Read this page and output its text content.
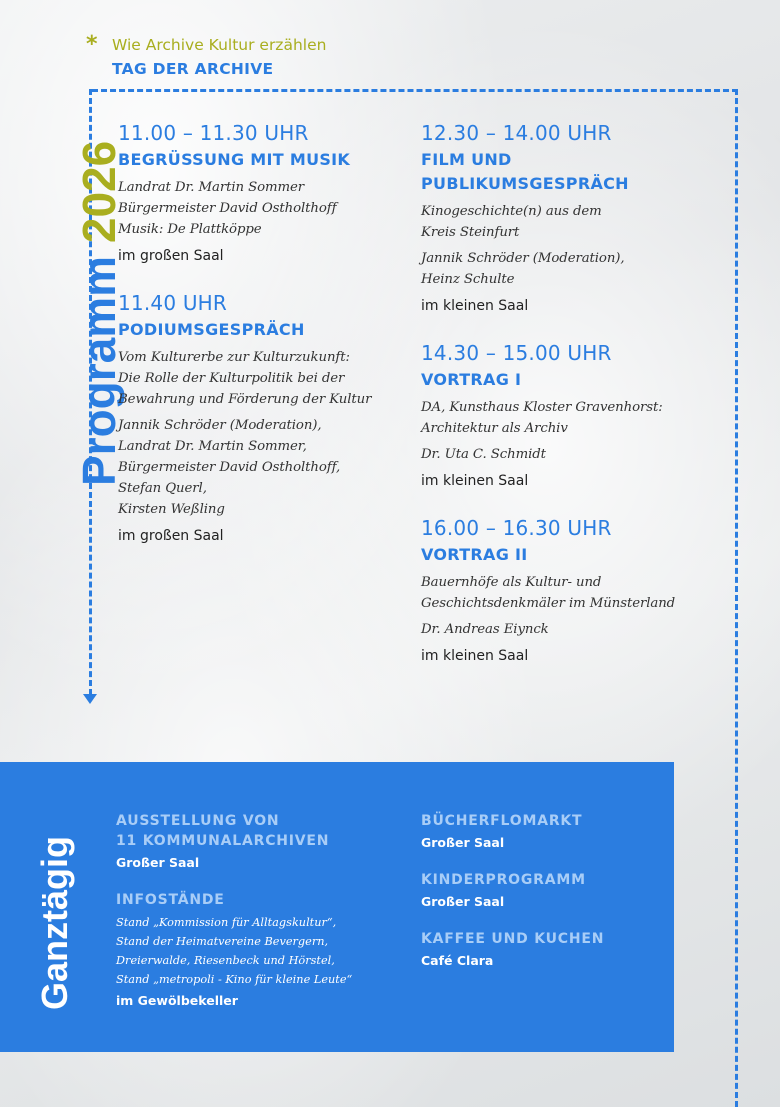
* Wie Archive Kultur erzählen
TAG DER ARCHIVE
Programm 2026
11.00 – 11.30 UHR
BEGRÜSSUNG MIT MUSIK

Landrat Dr. Martin Sommer

Bürgermeister David Ostholthoff

Musik: De Plattköppe

im großen Saal
11.40 UHR
PODIUMSGESPRÄCH

Vom Kulturerbe zur Kulturzukunft:

Die Rolle der Kulturpolitik bei der

Bewahrung und Förderung der Kultur

Jannik Schröder (Moderation),

Landrat Dr. Martin Sommer,

Bürgermeister David Ostholthoff,

Stefan Querl,

Kirsten Weßling

im großen Saal
12.30 – 14.00 UHR
FILM UND
PUBLIKUMSGESPRÄCH

Kinogeschichte(n) aus dem

Kreis Steinfurt

Jannik Schröder (Moderation),

Heinz Schulte

im kleinen Saal
14.30 – 15.00 UHR
VORTRAG I

DA, Kunsthaus Kloster Gravenhorst:

Architektur als Archiv

Dr. Uta C. Schmidt

im kleinen Saal
16.00 – 16.30 UHR
VORTRAG II

Bauernhöfe als Kultur- und

Geschichtsdenkmäler im Münsterland

Dr. Andreas Eiynck

im kleinen Saal
Ganztägig
AUSSTELLUNG VON
11 KOMMUNALARCHIVEN
Großer Saal
INFOSTÄNDE

Stand „Kommission für Alltagskultur“,

Stand der Heimatvereine Bevergern,

Dreierwalde, Riesenbeck und Hörstel,

Stand „metropoli - Kino für kleine Leute“

im Gewölbekeller
BÜCHERFLOMARKT
Großer Saal
KINDERPROGRAMM
Großer Saal
KAFFEE UND KUCHEN
Café Clara
